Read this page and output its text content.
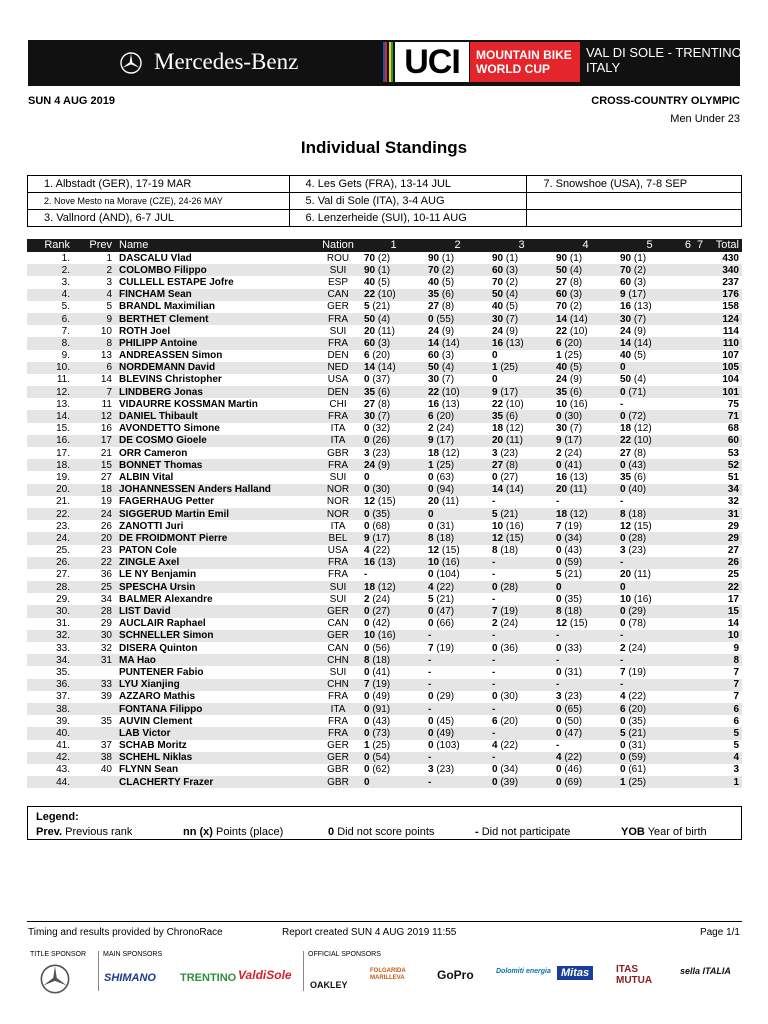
Mercedes-Benz	UCI	MOUNTAIN BIKE
WORLD CUP
VAL DI SOLE - TRENTINO
ITALY
SUN 4 AUG 2019	CROSS-COUNTRY OLYMPIC
Men Under 23
Individual Standings
1. Albstadt (GER), 17-19 MAR	4. Les Gets (FRA), 13-14 JUL	7. Snowshoe (USA), 7-8 SEP
2. Nove Mesto na Morave (CZE), 24-26 MAY	5. Val di Sole (ITA), 3-4 AUG	
3. Vallnord (AND), 6-7 JUL	6. Lenzerheide (SUI), 10-11 AUG	
Rank	Prev	Name	Nation	1	2	3	4	5	6  7	Total
1.	1	DASCALU Vlad	ROU	70 (2)	90 (1)	90 (1)	90 (1)	90 (1)		430
2.	2	COLOMBO Filippo	SUI	90 (1)	70 (2)	60 (3)	50 (4)	70 (2)		340
3.	3	CULLELL ESTAPE Jofre	ESP	40 (5)	40 (5)	70 (2)	27 (8)	60 (3)		237
4.	4	FINCHAM Sean	CAN	22 (10)	35 (6)	50 (4)	60 (3)	9 (17)		176
5.	5	BRANDL Maximilian	GER	5 (21)	27 (8)	40 (5)	70 (2)	16 (13)		158
6.	9	BERTHET Clement	FRA	50 (4)	0 (55)	30 (7)	14 (14)	30 (7)		124
7.	10	ROTH Joel	SUI	20 (11)	24 (9)	24 (9)	22 (10)	24 (9)		114
8.	8	PHILIPP Antoine	FRA	60 (3)	14 (14)	16 (13)	6 (20)	14 (14)		110
9.	13	ANDREASSEN Simon	DEN	6 (20)	60 (3)	0	1 (25)	40 (5)		107
10.	6	NORDEMANN David	NED	14 (14)	50 (4)	1 (25)	40 (5)	0		105
11.	14	BLEVINS Christopher	USA	0 (37)	30 (7)	0	24 (9)	50 (4)		104
12.	7	LINDBERG Jonas	DEN	35 (6)	22 (10)	9 (17)	35 (6)	0 (71)		101
13.	11	VIDAURRE KOSSMAN Martin	CHI	27 (8)	16 (13)	22 (10)	10 (16)	-		75
14.	12	DANIEL Thibault	FRA	30 (7)	6 (20)	35 (6)	0 (30)	0 (72)		71
15.	16	AVONDETTO Simone	ITA	0 (32)	2 (24)	18 (12)	30 (7)	18 (12)		68
16.	17	DE COSMO Gioele	ITA	0 (26)	9 (17)	20 (11)	9 (17)	22 (10)		60
17.	21	ORR Cameron	GBR	3 (23)	18 (12)	3 (23)	2 (24)	27 (8)		53
18.	15	BONNET Thomas	FRA	24 (9)	1 (25)	27 (8)	0 (41)	0 (43)		52
19.	27	ALBIN Vital	SUI	0	0 (63)	0 (27)	16 (13)	35 (6)		51
20.	18	JOHANNESSEN Anders Halland	NOR	0 (30)	0 (94)	14 (14)	20 (11)	0 (40)		34
21.	19	FAGERHAUG Petter	NOR	12 (15)	20 (11)	-	-	-		32
22.	24	SIGGERUD Martin Emil	NOR	0 (35)	0	5 (21)	18 (12)	8 (18)		31
23.	26	ZANOTTI Juri	ITA	0 (68)	0 (31)	10 (16)	7 (19)	12 (15)		29
24.	20	DE FROIDMONT Pierre	BEL	9 (17)	8 (18)	12 (15)	0 (34)	0 (28)		29
25.	23	PATON Cole	USA	4 (22)	12 (15)	8 (18)	0 (43)	3 (23)		27
26.	22	ZINGLE Axel	FRA	16 (13)	10 (16)	-	0 (59)	-		26
27.	36	LE NY Benjamin	FRA	-	0 (104)	-	5 (21)	20 (11)		25
28.	25	SPESCHA Ursin	SUI	18 (12)	4 (22)	0 (28)	0	0		22
29.	34	BALMER Alexandre	SUI	2 (24)	5 (21)	-	0 (35)	10 (16)		17
30.	28	LIST David	GER	0 (27)	0 (47)	7 (19)	8 (18)	0 (29)		15
31.	29	AUCLAIR Raphael	CAN	0 (42)	0 (66)	2 (24)	12 (15)	0 (78)		14
32.	30	SCHNELLER Simon	GER	10 (16)	-	-	-	-		10
33.	32	DISERA Quinton	CAN	0 (56)	7 (19)	0 (36)	0 (33)	2 (24)		9
34.	31	MA Hao	CHN	8 (18)	-	-	-	-		8
35.		PUNTENER Fabio	SUI	0 (41)	-	-	0 (31)	7 (19)		7
36.	33	LYU Xianjing	CHN	7 (19)	-	-	-	-		7
37.	39	AZZARO Mathis	FRA	0 (49)	0 (29)	0 (30)	3 (23)	4 (22)		7
38.		FONTANA Filippo	ITA	0 (91)	-	-	0 (65)	6 (20)		6
39.	35	AUVIN Clement	FRA	0 (43)	0 (45)	6 (20)	0 (50)	0 (35)		6
40.		LAB Victor	FRA	0 (73)	0 (49)	-	0 (47)	5 (21)		5
41.	37	SCHAB Moritz	GER	1 (25)	0 (103)	4 (22)	-	0 (31)		5
42.	38	SCHEHL Niklas	GER	0 (54)	-	-	4 (22)	0 (59)		4
43.	40	FLYNN Sean	GBR	0 (62)	3 (23)	0 (34)	0 (46)	0 (61)		3
44.		CLACHERTY Frazer	GBR	0	-	0 (39)	0 (69)	1 (25)		1
Legend:
Prev. Previous rank	nn (x) Points (place)	0 Did not score points	- Did not participate	YOB Year of birth
Timing and results provided by ChronoRace	Report created SUN 4 AUG 2019 11:55	Page 1/1
TITLE SPONSOR MAIN SPONSORS	OFFICIAL SPONSORS
SHIMANO TRENTINO ValdiSole
OAKLEY
FOLGARIDA MARILLEVA	GoPro	Dolomiti energia Mitas	ITAS MUTUA
sella ITALIA
